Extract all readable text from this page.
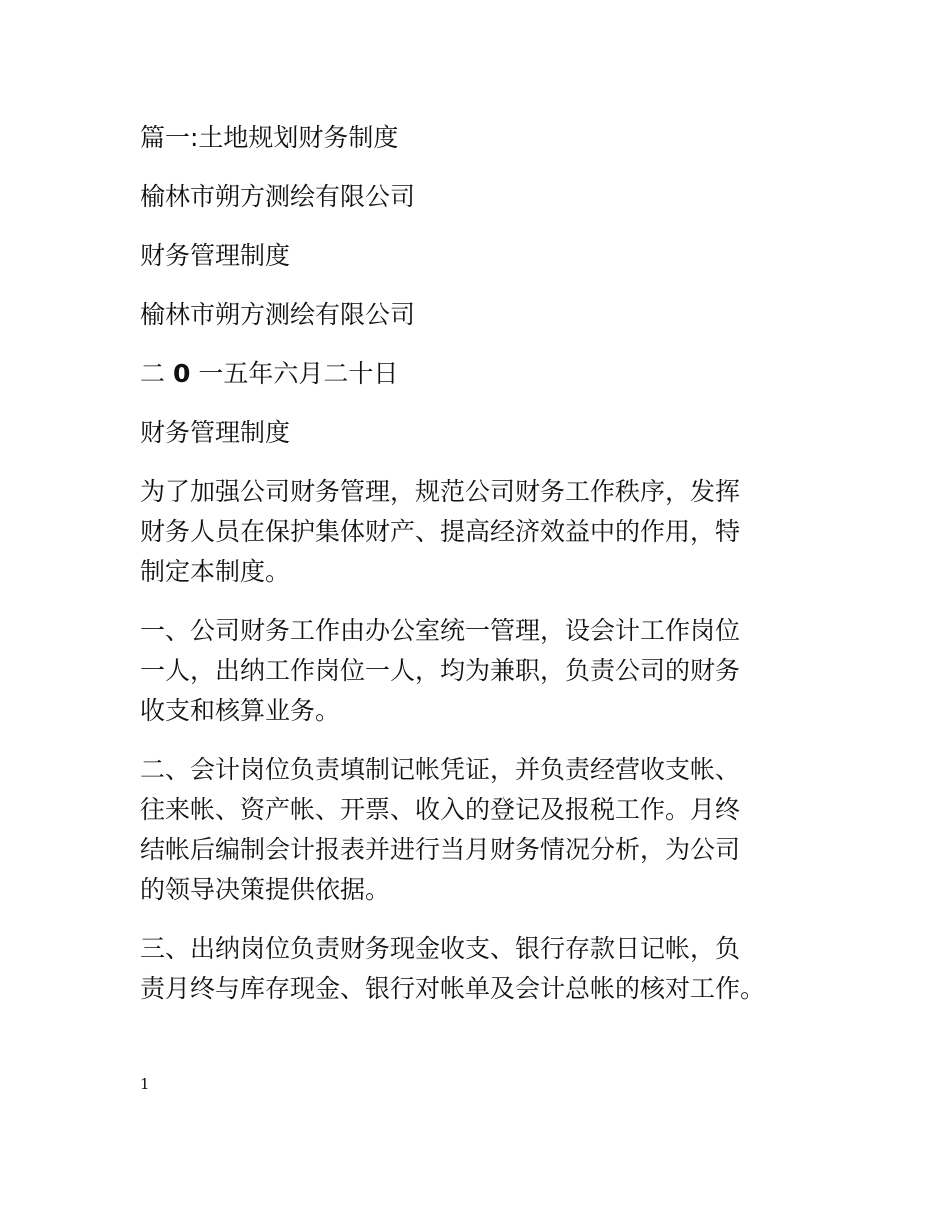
篇一:土地规划财务制度
榆林市朔方测绘有限公司
财务管理制度
榆林市朔方测绘有限公司
二 0 一五年六月二十日
财务管理制度
为了加强公司财务管理，规范公司财务工作秩序，发挥
财务人员在保护集体财产、提高经济效益中的作用，特
制定本制度。
一、公司财务工作由办公室统一管理，设会计工作岗位
一人，出纳工作岗位一人，均为兼职，负责公司的财务
收支和核算业务。
二、会计岗位负责填制记帐凭证，并负责经营收支帐、
往来帐、资产帐、开票、收入的登记及报税工作。月终
结帐后编制会计报表并进行当月财务情况分析，为公司
的领导决策提供依据。
三、出纳岗位负责财务现金收支、银行存款日记帐，负
责月终与库存现金、银行对帐单及会计总帐的核对工作。
1
